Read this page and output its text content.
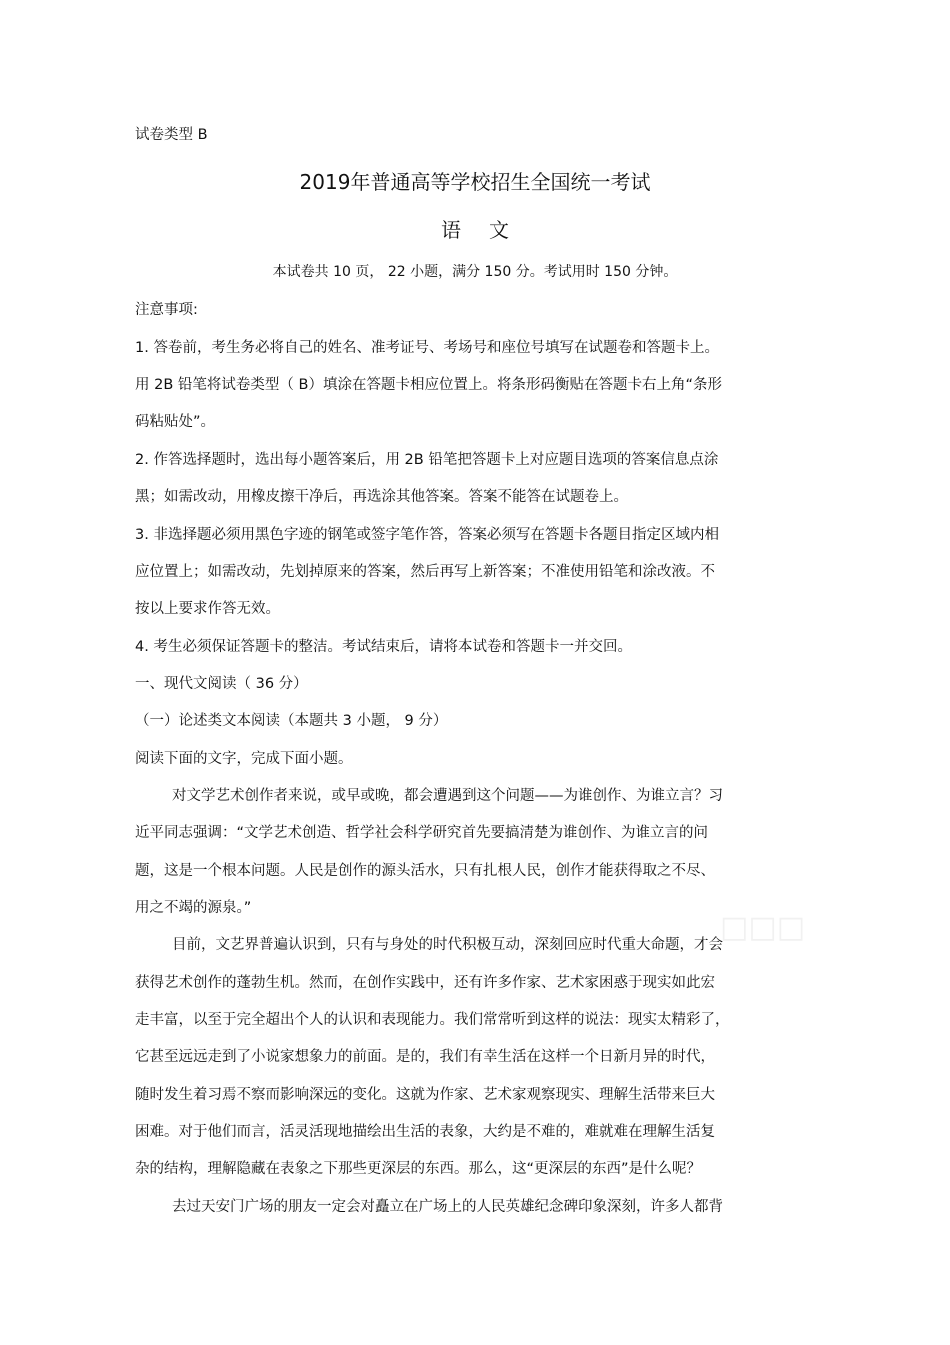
试卷类型 B
2019年普通高等学校招生全国统一考试
语文
本试卷共 10 页， 22 小题，满分 150 分。考试用时 150 分钟。
注意事项:
1. 答卷前，考生务必将自己的姓名、准考证号、考场号和座位号填写在试题卷和答题卡上。
用 2B 铅笔将试卷类型（ B）填涂在答题卡相应位置上。将条形码衡贴在答题卡右上角“条形
码粘贴处”。
2. 作答选择题时，选出每小题答案后，用 2B 铅笔把答题卡上对应题目选项的答案信息点涂
黑；如需改动，用橡皮擦干净后，再选涂其他答案。答案不能答在试题卷上。
3. 非选择题必须用黑色字迹的钢笔或签字笔作答，答案必须写在答题卡各题目指定区域内相
应位置上；如需改动，先划掉原来的答案，然后再写上新答案；不准使用铅笔和涂改液。不
按以上要求作答无效。
4. 考生必须保证答题卡的整洁。考试结束后，请将本试卷和答题卡一并交回。
一、现代文阅读（ 36 分）
（一）论述类文本阅读（本题共 3 小题， 9 分）
阅读下面的文字，完成下面小题。
对文学艺术创作者来说，或早或晚，都会遭遇到这个问题——为谁创作、为谁立言？习
近平同志强调：“文学艺术创造、哲学社会科学研究首先要搞清楚为谁创作、为谁立言的问
题，这是一个根本问题。人民是创作的源头活水，只有扎根人民，创作才能获得取之不尽、
用之不竭的源泉。”
目前，文艺界普遍认识到，只有与身处的时代积极互动，深刻回应时代重大命题，才会
获得艺术创作的蓬勃生机。然而，在创作实践中，还有许多作家、艺术家困惑于现实如此宏
走丰富，以至于完全超出个人的认识和表现能力。我们常常听到这样的说法：现实太精彩了，
它甚至远远走到了小说家想象力的前面。是的，我们有幸生活在这样一个日新月异的时代，
随时发生着习焉不察而影响深远的变化。这就为作家、艺术家观察现实、理解生活带来巨大
困难。对于他们而言，活灵活现地描绘出生活的表象，大约是不难的，难就难在理解生活复
杂的结构，理解隐藏在表象之下那些更深层的东西。那么，这“更深层的东西”是什么呢？
去过天安门广场的朋友一定会对矗立在广场上的人民英雄纪念碑印象深刻，许多人都背
□□□
